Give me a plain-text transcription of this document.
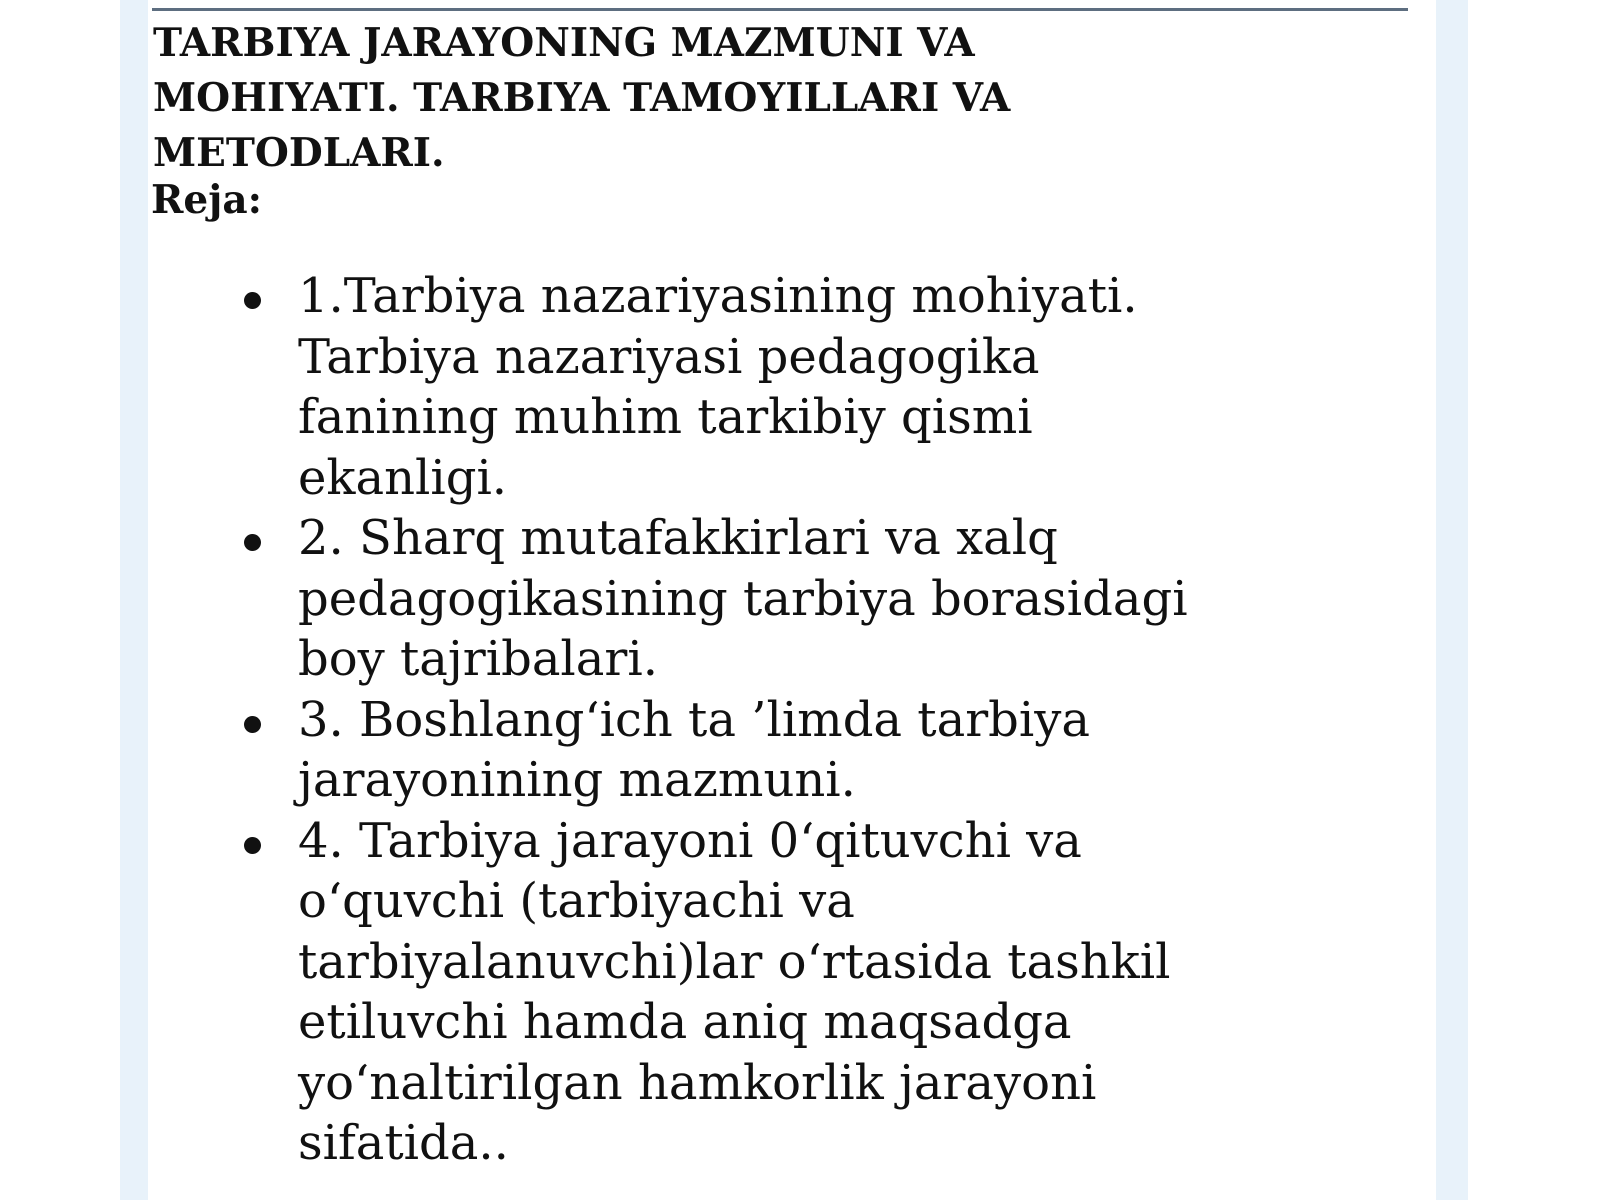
TARBIYA JARAYONING MAZMUNI VA
MOHIYATI. TARBIYA TAMOYILLARI VA
METODLARI.

Reja:

1.Tarbiya nazariyasining mohiyati.
Tarbiya nazariyasi pedagogika
fanining muhim tarkibiy qismi
ekanligi.
2. Sharq mutafakkirlari va xalq
pedagogikasining tarbiya borasidagi
boy tajribalari.
3. Boshlang‘ich ta ’limda tarbiya
jarayonining mazmuni.
4. Tarbiya jarayoni 0‘qituvchi va
o‘quvchi (tarbiyachi va
tarbiyalanuvchi)lar o‘rtasida tashkil
etiluvchi hamda aniq maqsadga
yo‘naltirilgan hamkorlik jarayoni
sifatida..
